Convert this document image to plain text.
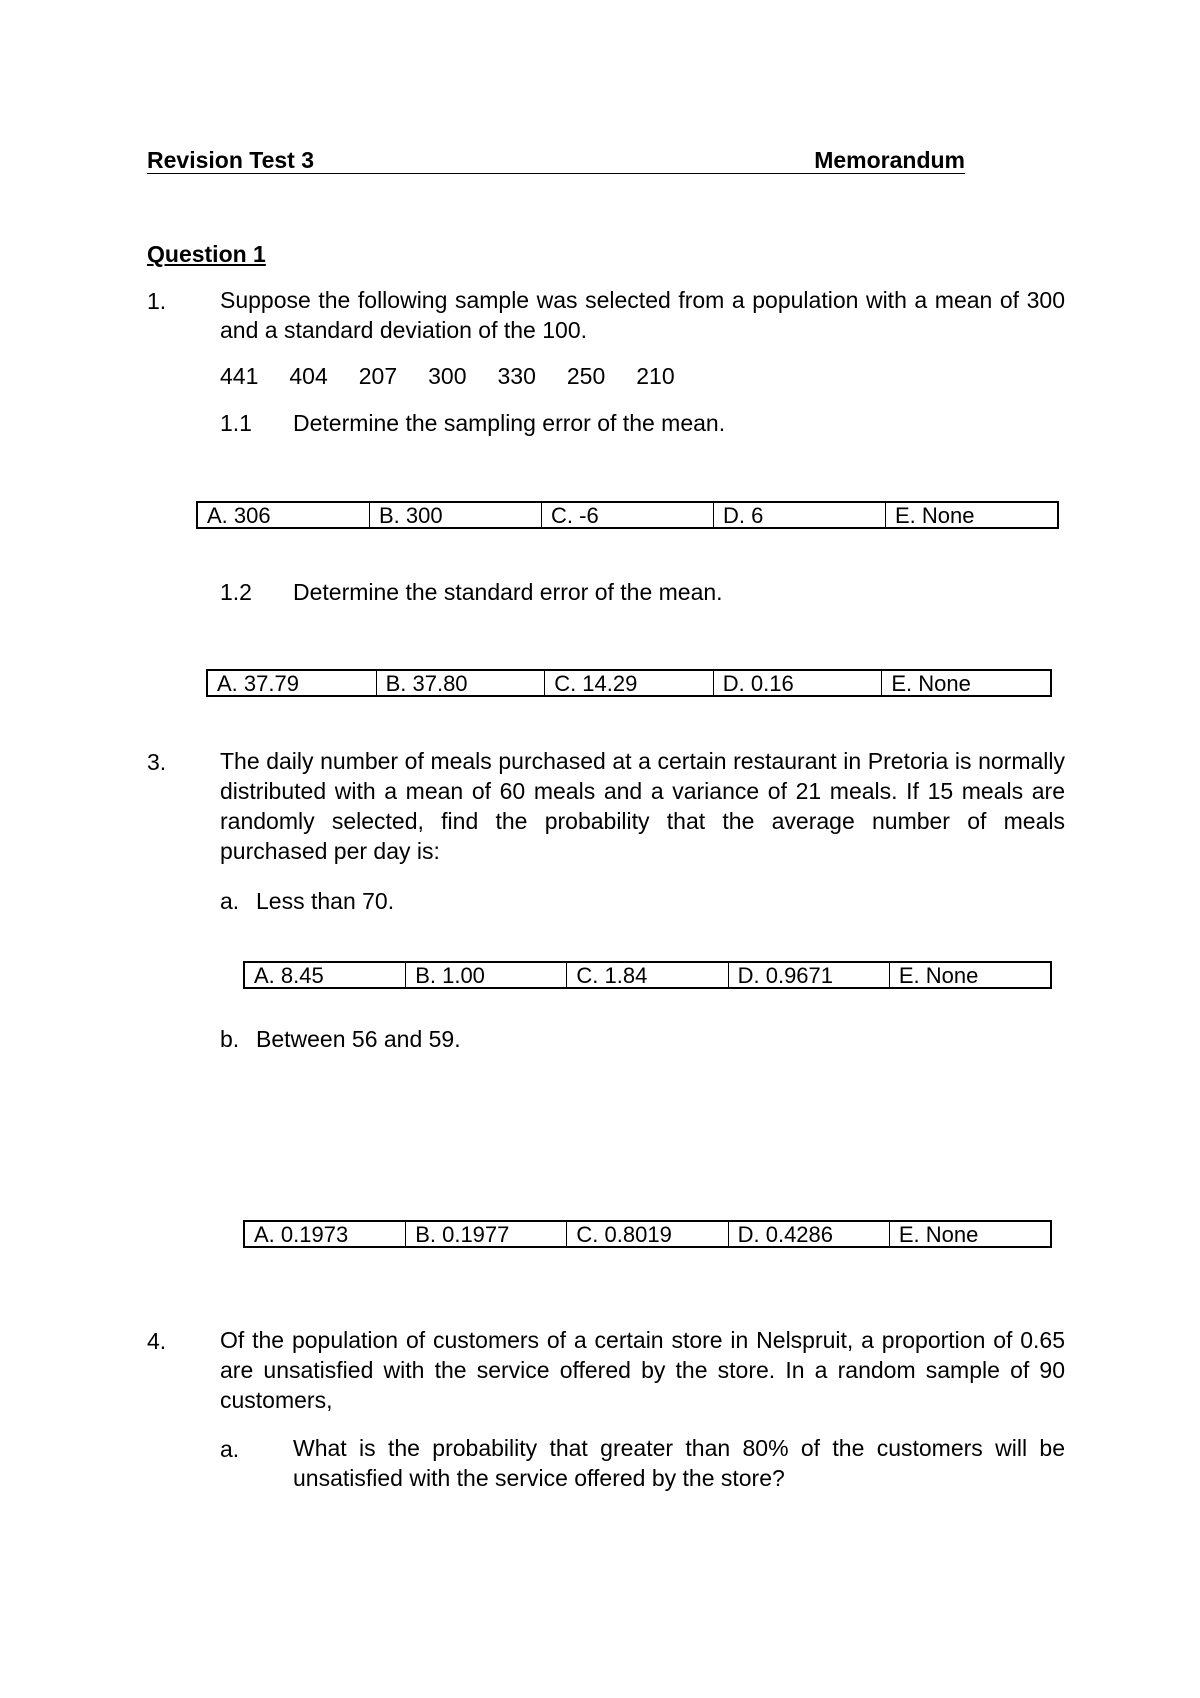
Revision Test 3	Memorandum
Question 1
1. Suppose the following sample was selected from a population with a mean of 300 and a standard deviation of the 100.
441 404 207 300 330 250 210
1.1 Determine the sampling error of the mean.
A. 306	B. 300	C. -6	D. 6	E. None
1.2 Determine the standard error of the mean.
A. 37.79	B. 37.80	C. 14.29	D. 0.16	E. None
3. The daily number of meals purchased at a certain restaurant in Pretoria is normally distributed with a mean of 60 meals and a variance of 21 meals. If 15 meals are randomly selected, find the probability that the average number of meals purchased per day is:
a. Less than 70.
A. 8.45	B. 1.00	C. 1.84	D. 0.9671	E. None
b. Between 56 and 59.
A. 0.1973	B. 0.1977	C. 0.8019	D. 0.4286	E. None
4. Of the population of customers of a certain store in Nelspruit, a proportion of 0.65 are unsatisfied with the service offered by the store. In a random sample of 90 customers,
a. What is the probability that greater than 80% of the customers will be unsatisfied with the service offered by the store?
